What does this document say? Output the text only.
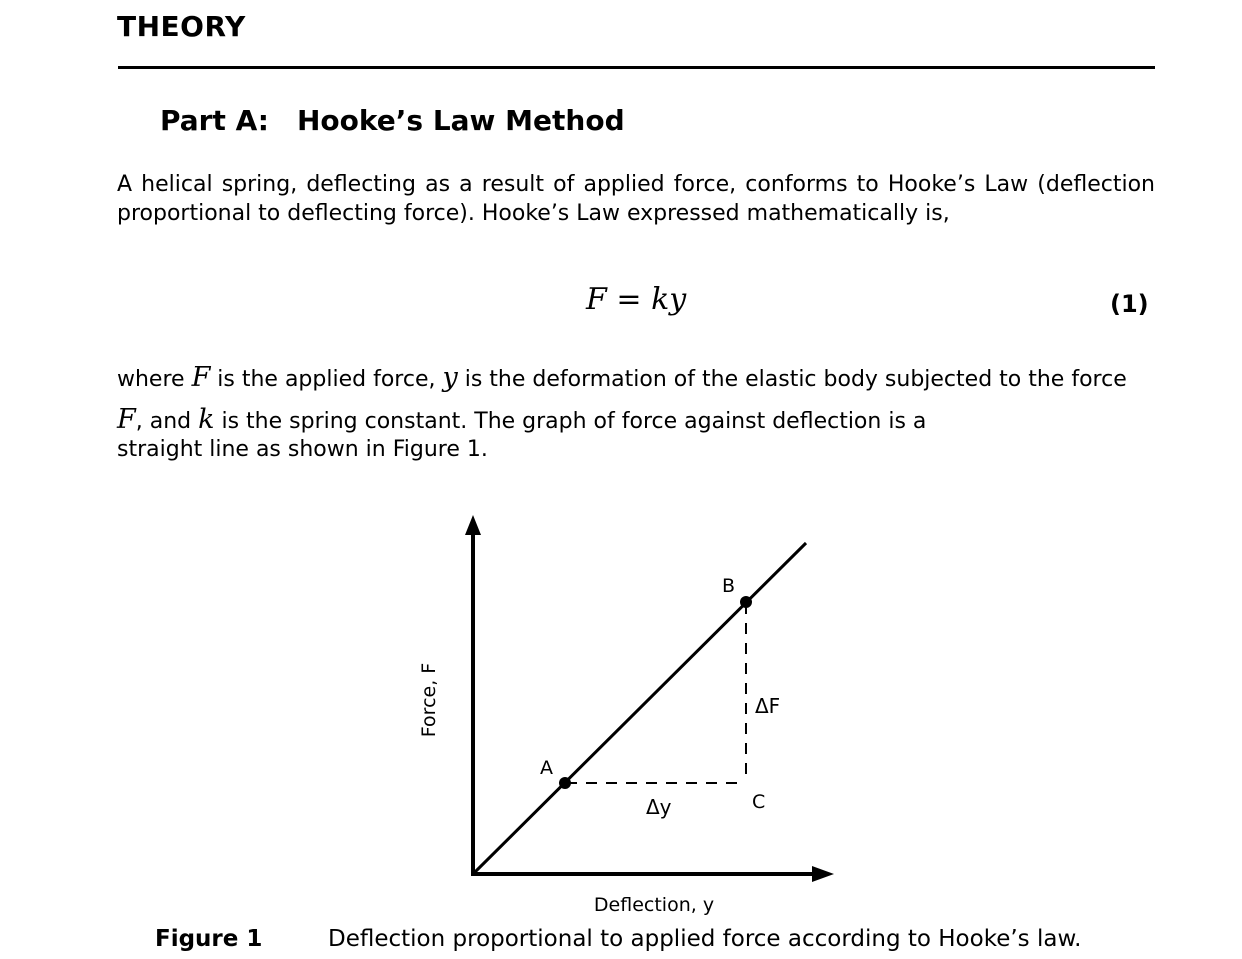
THEORY
Part A: Hooke’s Law Method

A helical spring, deflecting as a result of applied force, conforms to Hooke’s Law (deflection proportional to deflecting force). Hooke’s Law expressed mathematically is,

F = ky	(1)

where F is the applied force, y is the deformation of the elastic body subjected to the force F, and k is the spring constant. The graph of force against deflection is a
straight line as shown in Figure 1.

A
B
C
Δy
ΔF
Force, F
Deflection, y
Figure 1	Deflection proportional to applied force according to Hooke’s law.
